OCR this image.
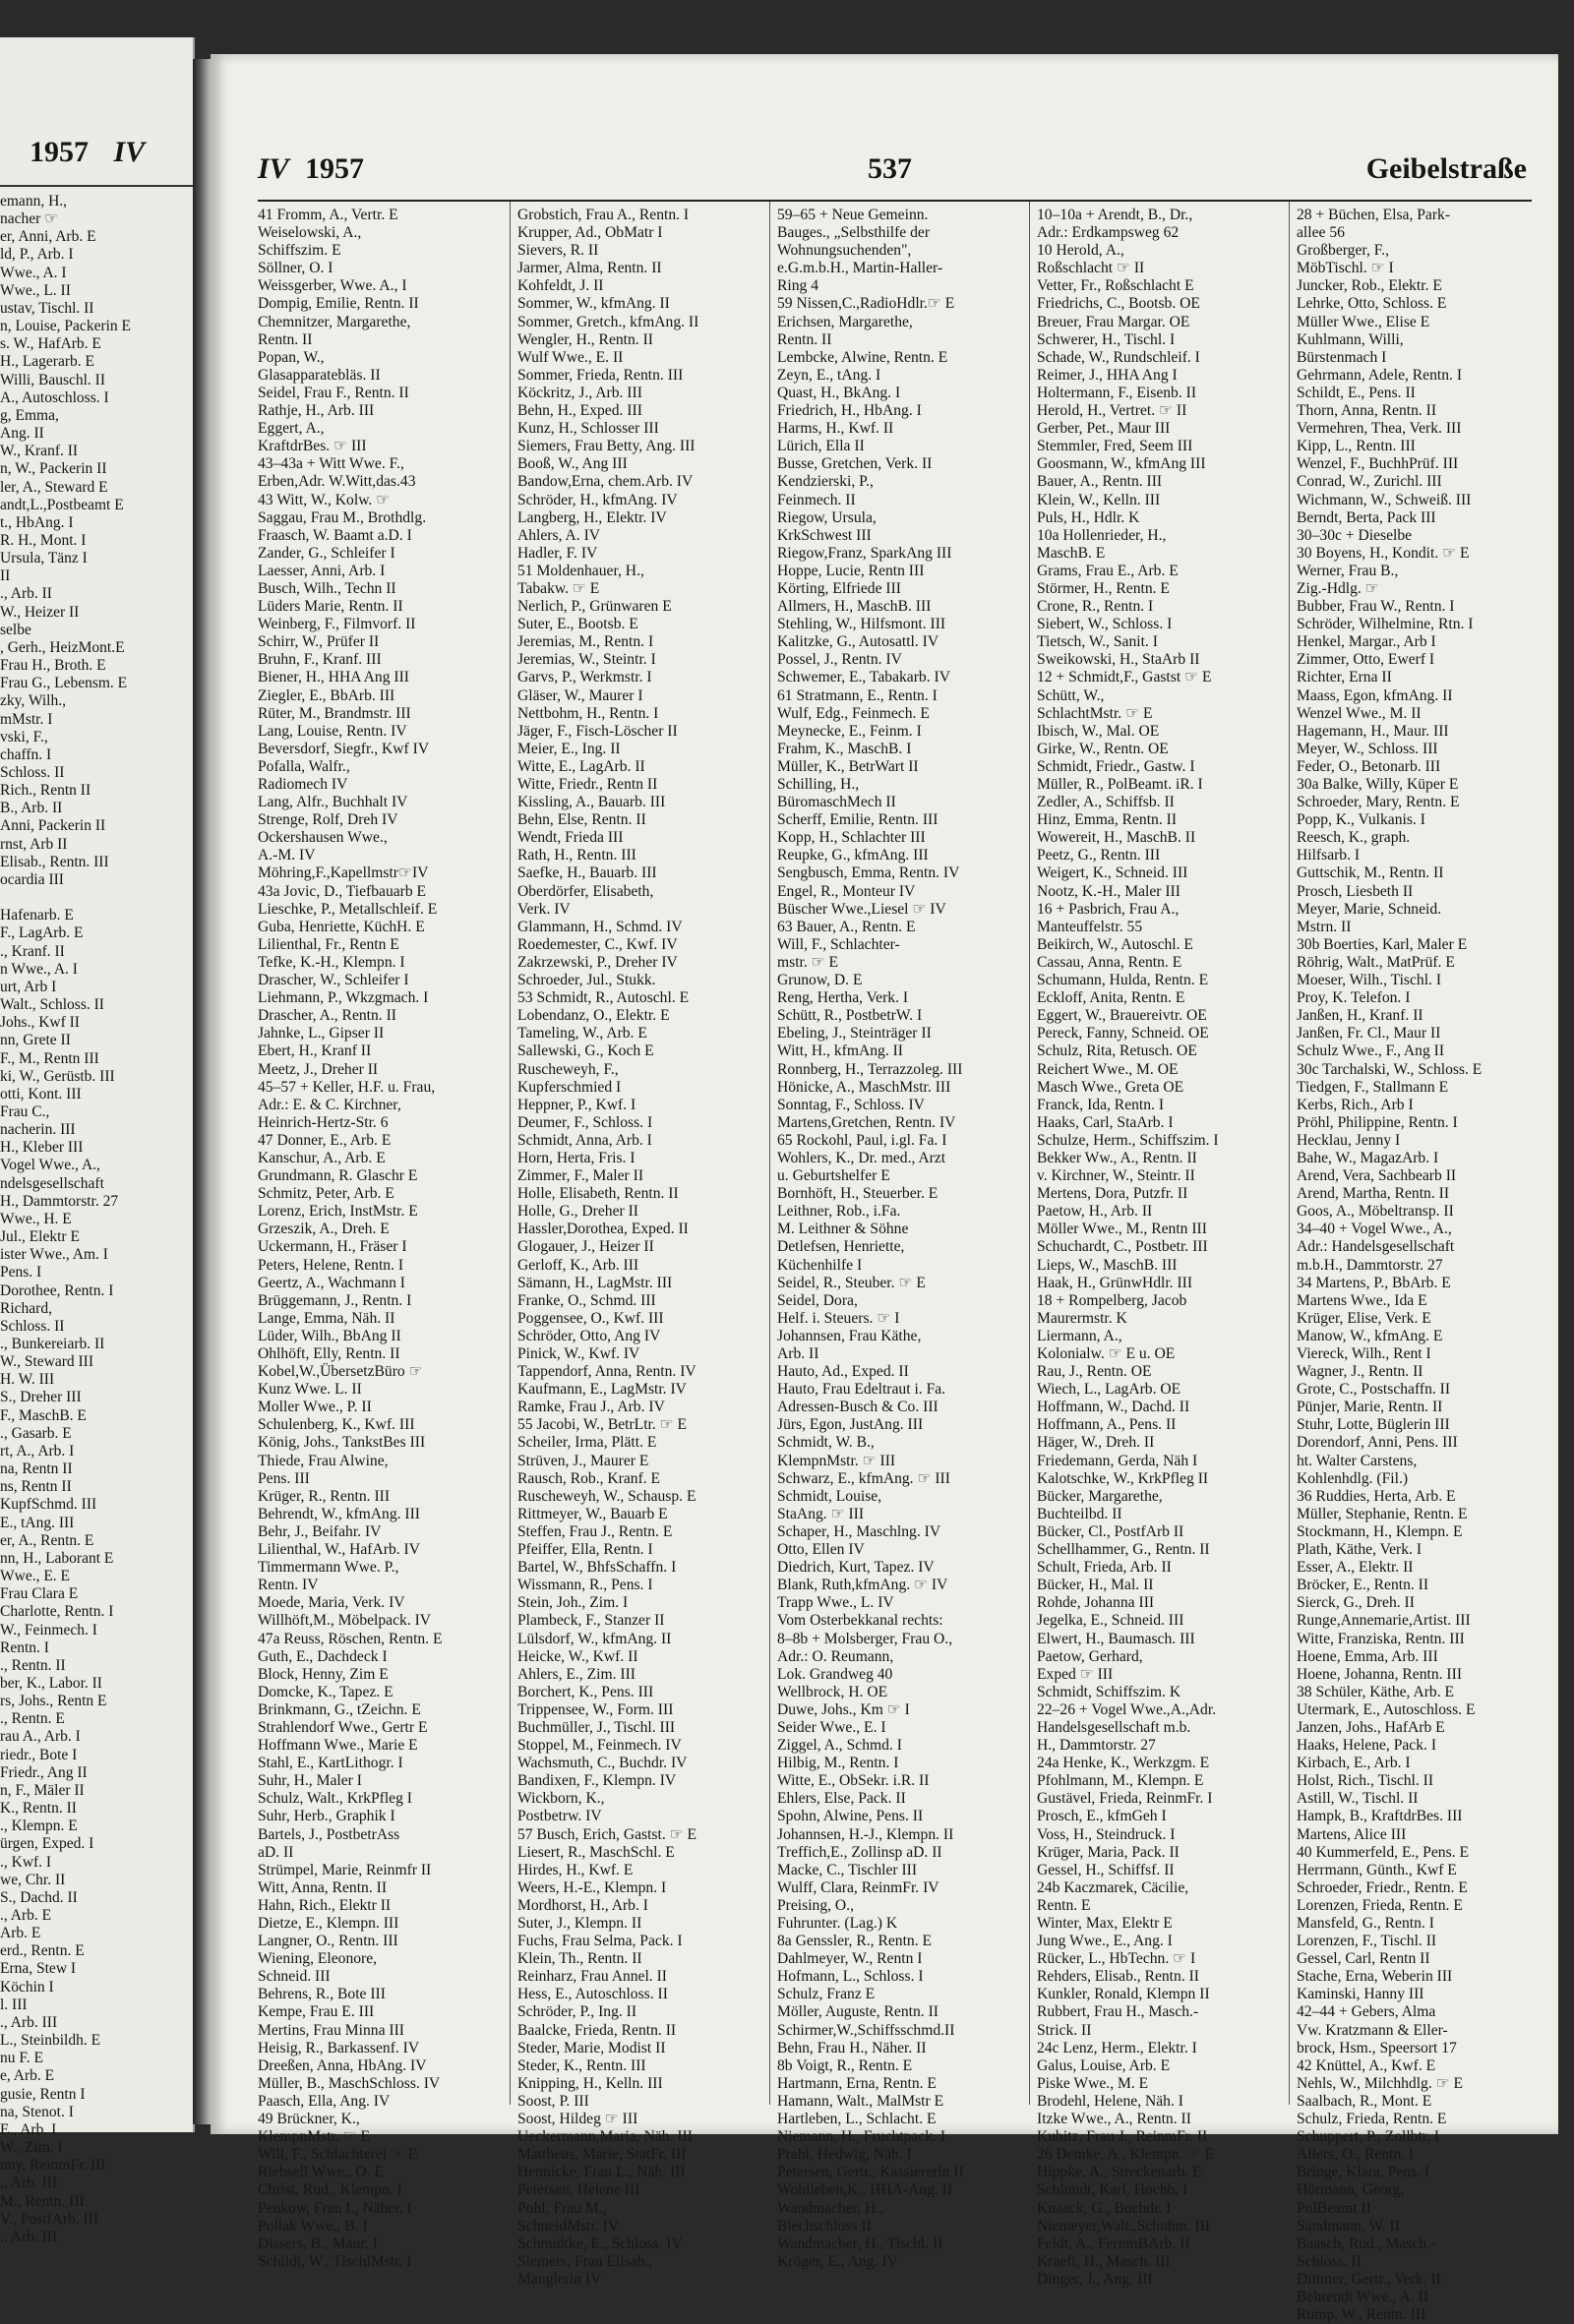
1957 IV
emann, H.,
nacher ☞
er, Anni, Arb. E
ld, P., Arb. I
Wwe., A. I
Wwe., L. II
ustav, Tischl. II
n, Louise, Packerin E
s. W., HafArb. E
H., Lagerarb. E
Willi, Bauschl. II
A., Autoschloss. I
g, Emma,
Ang. II
W., Kranf. II
n, W., Packerin II
ler, A., Steward E
andt,L.,Postbeamt E
t., HbAng. I
R. H., Mont. I
Ursula, Tänz I
II
., Arb. II
W., Heizer II
selbe
, Gerh., HeizMont.E
Frau H., Broth. E
Frau G., Lebensm. E
zky, Wilh.,
mMstr. I
vski, F.,
chaffn. I
Schloss. II
Rich., Rentn II
B., Arb. II
Anni, Packerin II
rnst, Arb II
Elisab., Rentn. III
ocardia III

Hafenarb. E
F., LagArb. E
., Kranf. II
n Wwe., A. I
urt, Arb I
Walt., Schloss. II
Johs., Kwf II
nn, Grete II
F., M., Rentn III
ki, W., Gerüstb. III
otti, Kont. III
Frau C.,
nacherin. III
H., Kleber III
Vogel Wwe., A.,
ndelsgesellschaft
H., Dammtorstr. 27
Wwe., H. E
Jul., Elektr E
ister Wwe., Am. I
Pens. I
Dorothee, Rentn. I
Richard,
Schloss. II
., Bunkereiarb. II
W., Steward III
H. W. III
S., Dreher III
F., MaschB. E
., Gasarb. E
rt, A., Arb. I
na, Rentn II
ns, Rentn II
KupfSchmd. III
E., tAng. III
er, A., Rentn. E
nn, H., Laborant E
Wwe., E. E
Frau Clara E
Charlotte, Rentn. I
W., Feinmech. I
Rentn. I
., Rentn. II
ber, K., Labor. II
rs, Johs., Rentn E
., Rentn. E
rau A., Arb. I
riedr., Bote I
Friedr., Ang II
n, F., Mäler II
K., Rentn. II
., Klempn. E
ürgen, Exped. I
., Kwf. I
we, Chr. II
S., Dachd. II
., Arb. E
Arb. E
erd., Rentn. E
Erna, Stew I
Köchin I
l. III
., Arb. III
L., Steinbildh. E
nu F. E
e, Arb. E
gusie, Rentn I
na, Stenot. I
E., Arb. I
W., Zim. I
nny, ReinmFr. III
., Arb. III
M., Rentn. III
V., PostfArb. III
., Arb. III
IV 1957	537	Geibelstraße
41 Fromm, A., Vertr. E
Weiselowski, A.,
Schiffszim. E
Söllner, O. I
Weissgerber, Wwe. A., I
Dompig, Emilie, Rentn. II
Chemnitzer, Margarethe,
Rentn. II
Popan, W.,
Glasapparatebläs. II
Seidel, Frau F., Rentn. II
Rathje, H., Arb. III
Eggert, A.,
KraftdrBes. ☞ III
43–43a + Witt Wwe. F.,
Erben,Adr. W.Witt,das.43
43 Witt, W., Kolw. ☞
Saggau, Frau M., Brothdlg.
Fraasch, W. Baamt a.D. I
Zander, G., Schleifer I
Laesser, Anni, Arb. I
Busch, Wilh., Techn II
Lüders Marie, Rentn. II
Weinberg, F., Filmvorf. II
Schirr, W., Prüfer II
Bruhn, F., Kranf. III
Biener, H., HHA Ang III
Ziegler, E., BbArb. III
Rüter, M., Brandmstr. III
Lang, Louise, Rentn. IV
Beversdorf, Siegfr., Kwf IV
Pofalla, Walfr.,
Radiomech IV
Lang, Alfr., Buchhalt IV
Strenge, Rolf, Dreh IV
Ockershausen Wwe.,
A.-M. IV
Möhring,F.,Kapellmstr☞IV
43a Jovic, D., Tiefbauarb E
Lieschke, P., Metallschleif. E
Guba, Henriette, KüchH. E
Lilienthal, Fr., Rentn E
Tefke, K.-H., Klempn. I
Drascher, W., Schleifer I
Liehmann, P., Wkzgmach. I
Drascher, A., Rentn. II
Jahnke, L., Gipser II
Ebert, H., Kranf II
Meetz, J., Dreher II
45–57 + Keller, H.F. u. Frau,
Adr.: E. & C. Kirchner,
Heinrich-Hertz-Str. 6
47 Donner, E., Arb. E
Kanschur, A., Arb. E
Grundmann, R. Glaschr E
Schmitz, Peter, Arb. E
Lorenz, Erich, InstMstr. E
Grzeszik, A., Dreh. E
Uckermann, H., Fräser I
Peters, Helene, Rentn. I
Geertz, A., Wachmann I
Brüggemann, J., Rentn. I
Lange, Emma, Näh. II
Lüder, Wilh., BbAng II
Ohlhöft, Elly, Rentn. II
Kobel,W.,ÜbersetzBüro ☞
Kunz Wwe. L. II
Moller Wwe., P. II
Schulenberg, K., Kwf. III
König, Johs., TankstBes III
Thiede, Frau Alwine,
Pens. III
Krüger, R., Rentn. III
Behrendt, W., kfmAng. III
Behr, J., Beifahr. IV
Lilienthal, W., HafArb. IV
Timmermann Wwe. P.,
Rentn. IV
Moede, Maria, Verk. IV
Willhöft,M., Möbelpack. IV
47a Reuss, Röschen, Rentn. E
Guth, E., Dachdeck I
Block, Henny, Zim E
Domcke, K., Tapez. E
Brinkmann, G., tZeichn. E
Strahlendorf Wwe., Gertr E
Hoffmann Wwe., Marie E
Stahl, E., KartLithogr. I
Suhr, H., Maler I
Schulz, Walt., KrkPfleg I
Suhr, Herb., Graphik I
Bartels, J., PostbetrAss
aD. II
Strümpel, Marie, Reinmfr II
Witt, Anna, Rentn. II
Hahn, Rich., Elektr II
Dietze, E., Klempn. III
Langner, O., Rentn. III
Wiening, Eleonore,
Schneid. III
Behrens, R., Bote III
Kempe, Frau E. III
Mertins, Frau Minna III
Heisig, R., Barkassenf. IV
Dreeßen, Anna, HbAng. IV
Müller, B., MaschSchloss. IV
Paasch, Ella, Ang. IV
49 Brückner, K.,
KlempnMstr. ☞ E
Will, F., Schlachterei ☞ E
Riebsell Wwe., O. E
Christ, Rud., Klempn. I
Penkow, Frau I., Näher. I
Pollak Wwe., B. I
Dissers, B., Maur. I
Schildt, W., TischlMstr. I
Grobstich, Frau A., Rentn. I
Krupper, Ad., ObMatr I
Sievers, R. II
Jarmer, Alma, Rentn. II
Kohfeldt, J. II
Sommer, W., kfmAng. II
Sommer, Gretch., kfmAng. II
Wengler, H., Rentn. II
Wulf Wwe., E. II
Sommer, Frieda, Rentn. III
Köckritz, J., Arb. III
Behn, H., Exped. III
Kunz, H., Schlosser III
Siemers, Frau Betty, Ang. III
Booß, W., Ang III
Bandow,Erna, chem.Arb. IV
Schröder, H., kfmAng. IV
Langberg, H., Elektr. IV
Ahlers, A. IV
Hadler, F. IV
51 Moldenhauer, H.,
Tabakw. ☞ E
Nerlich, P., Grünwaren E
Suter, E., Bootsb. E
Jeremias, M., Rentn. I
Jeremias, W., Steintr. I
Garvs, P., Werkmstr. I
Gläser, W., Maurer I
Nettbohm, H., Rentn. I
Jäger, F., Fisch-Löscher II
Meier, E., Ing. II
Witte, E., LagArb. II
Witte, Friedr., Rentn II
Kissling, A., Bauarb. III
Behn, Else, Rentn. II
Wendt, Frieda III
Rath, H., Rentn. III
Saefke, H., Bauarb. III
Oberdörfer, Elisabeth,
Verk. IV
Glammann, H., Schmd. IV
Roedemester, C., Kwf. IV
Zakrzewski, P., Dreher IV
Schroeder, Jul., Stukk.
53 Schmidt, R., Autoschl. E
Lobendanz, O., Elektr. E
Tameling, W., Arb. E
Sallewski, G., Koch E
Ruscheweyh, F.,
Kupferschmied I
Heppner, P., Kwf. I
Deumer, F., Schloss. I
Schmidt, Anna, Arb. I
Horn, Herta, Fris. I
Zimmer, F., Maler II
Holle, Elisabeth, Rentn. II
Holle, G., Dreher II
Hassler,Dorothea, Exped. II
Glogauer, J., Heizer II
Gerloff, K., Arb. III
Sämann, H., LagMstr. III
Franke, O., Schmd. III
Poggensee, O., Kwf. III
Schröder, Otto, Ang IV
Pinick, W., Kwf. IV
Tappendorf, Anna, Rentn. IV
Kaufmann, E., LagMstr. IV
Ramke, Frau J., Arb. IV
55 Jacobi, W., BetrLtr. ☞ E
Scheiler, Irma, Plätt. E
Strüven, J., Maurer E
Rausch, Rob., Kranf. E
Ruscheweyh, W., Schausp. E
Rittmeyer, W., Bauarb E
Steffen, Frau J., Rentn. E
Pfeiffer, Ella, Rentn. I
Bartel, W., BhfsSchaffn. I
Wissmann, R., Pens. I
Stein, Joh., Zim. I
Plambeck, F., Stanzer II
Lülsdorf, W., kfmAng. II
Heicke, W., Kwf. II
Ahlers, E., Zim. III
Borchert, K., Pens. III
Trippensee, W., Form. III
Buchmüller, J., Tischl. III
Stoppel, M., Feinmech. IV
Wachsmuth, C., Buchdr. IV
Bandixen, F., Klempn. IV
Wickborn, K.,
Postbetrw. IV
57 Busch, Erich, Gastst. ☞ E
Liesert, R., MaschSchl. E
Hirdes, H., Kwf. E
Weers, H.-E., Klempn. I
Mordhorst, H., Arb. I
Suter, J., Klempn. II
Fuchs, Frau Selma, Pack. I
Klein, Th., Rentn. II
Reinharz, Frau Annel. II
Hess, E., Autoschloss. II
Schröder, P., Ing. II
Baalcke, Frieda, Rentn. II
Steder, Marie, Modist II
Steder, K., Rentn. III
Knipping, H., Kelln. III
Soost, P. III
Soost, Hildeg ☞ III
Ueckermann,Maria, Näh. III
Mattheus, Marie, StatFr. III
Hennicke, Frau L., Näh. III
Petersen, Helene III
Pohl, Frau M.,
SchneidMstr. IV
Schmidtke, E., Schloss. IV
Siemers, Frau Elisab.,
Manglerin IV
59–65 + Neue Gemeinn.
Bauges., „Selbsthilfe der
Wohnungsuchenden",
e.G.m.b.H., Martin-Haller-
Ring 4
59 Nissen,C.,RadioHdlr.☞ E
Erichsen, Margarethe,
Rentn. II
Lembcke, Alwine, Rentn. E
Zeyn, E., tAng. I
Quast, H., BkAng. I
Friedrich, H., HbAng. I
Harms, H., Kwf. II
Lürich, Ella II
Busse, Gretchen, Verk. II
Kendzierski, P.,
Feinmech. II
Riegow, Ursula,
KrkSchwest III
Riegow,Franz, SparkAng III
Hoppe, Lucie, Rentn III
Körting, Elfriede III
Allmers, H., MaschB. III
Stehling, W., Hilfsmont. III
Kalitzke, G., Autosattl. IV
Possel, J., Rentn. IV
Schwemer, E., Tabakarb. IV
61 Stratmann, E., Rentn. I
Wulf, Edg., Feinmech. E
Meynecke, E., Feinm. I
Frahm, K., MaschB. I
Müller, K., BetrWart II
Schilling, H.,
BüromaschMech II
Scherff, Emilie, Rentn. III
Kopp, H., Schlachter III
Reupke, G., kfmAng. III
Sengbusch, Emma, Rentn. IV
Engel, R., Monteur IV
Büscher Wwe.,Liesel ☞ IV
63 Bauer, A., Rentn. E
Will, F., Schlachter-
mstr. ☞ E
Grunow, D. E
Reng, Hertha, Verk. I
Schütt, R., PostbetrW. I
Ebeling, J., Steinträger II
Witt, H., kfmAng. II
Ronnberg, H., Terrazzoleg. III
Hönicke, A., MaschMstr. III
Sonntag, F., Schloss. IV
Martens,Gretchen, Rentn. IV
65 Rockohl, Paul, i.gl. Fa. I
Wohlers, K., Dr. med., Arzt
u. Geburtshelfer E
Bornhöft, H., Steuerber. E
Leithner, Rob., i.Fa.
M. Leithner & Söhne
Detlefsen, Henriette,
Küchenhilfe I
Seidel, R., Steuber. ☞ E
Seidel, Dora,
Helf. i. Steuers. ☞ I
Johannsen, Frau Käthe,
Arb. II
Hauto, Ad., Exped. II
Hauto, Frau Edeltraut i. Fa.
Adressen-Busch & Co. III
Jürs, Egon, JustAng. III
Schmidt, W. B.,
KlempnMstr. ☞ III
Schwarz, E., kfmAng. ☞ III
Schmidt, Louise,
StaAng. ☞ III
Schaper, H., Maschlng. IV
Otto, Ellen IV
Diedrich, Kurt, Tapez. IV
Blank, Ruth,kfmAng. ☞ IV
Trapp Wwe., L. IV
Vom Osterbekkanal rechts:
8–8b + Molsberger, Frau O.,
Adr.: O. Reumann,
Lok. Grandweg 40
Wellbrock, H. OE
Duwe, Johs., Km ☞ I
Seider Wwe., E. I
Ziggel, A., Schmd. I
Hilbig, M., Rentn. I
Witte, E., ObSekr. i.R. II
Ehlers, Else, Pack. II
Spohn, Alwine, Pens. II
Johannsen, H.-J., Klempn. II
Treffich,E., Zollinsp aD. II
Macke, C., Tischler III
Wulff, Clara, ReinmFr. IV
Preising, O.,
Fuhrunter. (Lag.) K
8a Genssler, R., Rentn. E
Dahlmeyer, W., Rentn I
Hofmann, L., Schloss. I
Schulz, Franz E
Möller, Auguste, Rentn. II
Schirmer,W.,Schiffsschmd.II
Behn, Frau H., Näher. II
8b Voigt, R., Rentn. E
Hartmann, Erna, Rentn. E
Hamann, Walt., MalMstr E
Hartleben, L., Schlacht. E
Niemann, H., Fruchtpack. I
Prahl, Hedwig, Näh. I
Petersen, Gertr., Kassiererin II
Wohlleben,K., HHA-Ang. II
Wandmacher, H.,
Blechschloss II
Wandmacher, H., Tischl. II
Kröger, E., Ang. IV
10–10a + Arendt, B., Dr.,
Adr.: Erdkampsweg 62
10 Herold, A.,
Roßschlacht ☞ II
Vetter, Fr., Roßschlacht E
Friedrichs, C., Bootsb. OE
Breuer, Frau Margar. OE
Schwerer, H., Tischl. I
Schade, W., Rundschleif. I
Reimer, J., HHA Ang I
Holtermann, F., Eisenb. II
Herold, H., Vertret. ☞ II
Gerber, Pet., Maur III
Stemmler, Fred, Seem III
Goosmann, W., kfmAng III
Bauer, A., Rentn. III
Klein, W., Kelln. III
Puls, H., Hdlr. K
10a Hollenrieder, H.,
MaschB. E
Grams, Frau E., Arb. E
Störmer, H., Rentn. E
Crone, R., Rentn. I
Siebert, W., Schloss. I
Tietsch, W., Sanit. I
Sweikowski, H., StaArb II
12 + Schmidt,F., Gastst ☞ E
Schütt, W.,
SchlachtMstr. ☞ E
Ibisch, W., Mal. OE
Girke, W., Rentn. OE
Schmidt, Friedr., Gastw. I
Müller, R., PolBeamt. iR. I
Zedler, A., Schiffsb. II
Hinz, Emma, Rentn. II
Wowereit, H., MaschB. II
Peetz, G., Rentn. III
Weigert, K., Schneid. III
Nootz, K.-H., Maler III
16 + Pasbrich, Frau A.,
Manteuffelstr. 55
Beikirch, W., Autoschl. E
Cassau, Anna, Rentn. E
Schumann, Hulda, Rentn. E
Eckloff, Anita, Rentn. E
Eggert, W., Brauereivtr. OE
Pereck, Fanny, Schneid. OE
Schulz, Rita, Retusch. OE
Reichert Wwe., M. OE
Masch Wwe., Greta OE
Franck, Ida, Rentn. I
Haaks, Carl, StaArb. I
Schulze, Herm., Schiffszim. I
Bekker Ww., A., Rentn. II
v. Kirchner, W., Steintr. II
Mertens, Dora, Putzfr. II
Paetow, H., Arb. II
Möller Wwe., M., Rentn III
Schuchardt, C., Postbetr. III
Lieps, W., MaschB. III
Haak, H., GrünwHdlr. III
18 + Rompelberg, Jacob
Maurermstr. K
Liermann, A.,
Kolonialw. ☞ E u. OE
Rau, J., Rentn. OE
Wiech, L., LagArb. OE
Hoffmann, W., Dachd. II
Hoffmann, A., Pens. II
Häger, W., Dreh. II
Friedemann, Gerda, Näh I
Kalotschke, W., KrkPfleg II
Bücker, Margarethe,
Buchteilbd. II
Bücker, Cl., PostfArb II
Schellhammer, G., Rentn. II
Schult, Frieda, Arb. II
Bücker, H., Mal. II
Rohde, Johanna III
Jegelka, E., Schneid. III
Elwert, H., Baumasch. III
Paetow, Gerhard,
Exped ☞ III
Schmidt, Schiffszim. K
22–26 + Vogel Wwe.,A.,Adr.
Handelsgesellschaft m.b.
H., Dammtorstr. 27
24a Henke, K., Werkzgm. E
Pfohlmann, M., Klempn. E
Gustävel, Frieda, ReinmFr. I
Prosch, E., kfmGeh I
Voss, H., Steindruck. I
Krüger, Maria, Pack. II
Gessel, H., Schiffsf. II
24b Kaczmarek, Cäcilie,
Rentn. E
Winter, Max, Elektr E
Jung Wwe., E., Ang. I
Rücker, L., HbTechn. ☞ I
Rehders, Elisab., Rentn. II
Kunkler, Ronald, Klempn II
Rubbert, Frau H., Masch.-
Strick. II
24c Lenz, Herm., Elektr. I
Galus, Louise, Arb. E
Piske Wwe., M. E
Brodehl, Helene, Näh. I
Itzke Wwe., A., Rentn. II
Kubitz, Frau J., ReinmFr. II
26 Demke, A., Klempn. ☞ E
Hippke, A., Streckenarb. E
Schlundt, Karl, Hochb. I
Knaack, G., Buchdr. I
Niemeyer,Walt.,Schuhm. III
Feldt, A., FernmBArb. II
Kraeft, H., Masch. III
Dinger, J., Ang. III
28 + Büchen, Elsa, Park-
allee 56
Großberger, F.,
MöbTischl. ☞ I
Juncker, Rob., Elektr. E
Lehrke, Otto, Schloss. E
Müller Wwe., Elise E
Kuhlmann, Willi,
Bürstenmach I
Gehrmann, Adele, Rentn. I
Schildt, E., Pens. II
Thorn, Anna, Rentn. II
Vermehren, Thea, Verk. III
Kipp, L., Rentn. III
Wenzel, F., BuchhPrüf. III
Conrad, W., Zurichl. III
Wichmann, W., Schweiß. III
Berndt, Berta, Pack III
30–30c + Dieselbe
30 Boyens, H., Kondit. ☞ E
Werner, Frau B.,
Zig.-Hdlg. ☞
Bubber, Frau W., Rentn. I
Schröder, Wilhelmine, Rtn. I
Henkel, Margar., Arb I
Zimmer, Otto, Ewerf I
Richter, Erna II
Maass, Egon, kfmAng. II
Wenzel Wwe., M. II
Hagemann, H., Maur. III
Meyer, W., Schloss. III
Feder, O., Betonarb. III
30a Balke, Willy, Küper E
Schroeder, Mary, Rentn. E
Popp, K., Vulkanis. I
Reesch, K., graph.
Hilfsarb. I
Guttschik, M., Rentn. II
Prosch, Liesbeth II
Meyer, Marie, Schneid.
Mstrn. II
30b Boerties, Karl, Maler E
Röhrig, Walt., MatPrüf. E
Moeser, Wilh., Tischl. I
Proy, K. Telefon. I
Janßen, H., Kranf. II
Janßen, Fr. Cl., Maur II
Schulz Wwe., F., Ang II
30c Tarchalski, W., Schloss. E
Tiedgen, F., Stallmann E
Kerbs, Rich., Arb I
Pröhl, Philippine, Rentn. I
Hecklau, Jenny I
Bahe, W., MagazArb. I
Arend, Vera, Sachbearb II
Arend, Martha, Rentn. II
Goos, A., Möbeltransp. II
34–40 + Vogel Wwe., A.,
Adr.: Handelsgesellschaft
m.b.H., Dammtorstr. 27
34 Martens, P., BbArb. E
Martens Wwe., Ida E
Krüger, Elise, Verk. E
Manow, W., kfmAng. E
Viereck, Wilh., Rent I
Wagner, J., Rentn. II
Grote, C., Postschaffn. II
Pünjer, Marie, Rentn. II
Stuhr, Lotte, Büglerin III
Dorendorf, Anni, Pens. III
ht. Walter Carstens,
Kohlenhdlg. (Fil.)
36 Ruddies, Herta, Arb. E
Müller, Stephanie, Rentn. E
Stockmann, H., Klempn. E
Plath, Käthe, Verk. I
Esser, A., Elektr. II
Bröcker, E., Rentn. II
Sierck, G., Dreh. II
Runge,Annemarie,Artist. III
Witte, Franziska, Rentn. III
Hoene, Emma, Arb. III
Hoene, Johanna, Rentn. III
38 Schüler, Käthe, Arb. E
Utermark, E., Autoschloss. E
Janzen, Johs., HafArb E
Haaks, Helene, Pack. I
Kirbach, E., Arb. I
Holst, Rich., Tischl. II
Astill, W., Tischl. II
Hampk, B., KraftdrBes. III
Martens, Alice III
40 Kummerfeld, E., Pens. E
Herrmann, Günth., Kwf E
Schroeder, Friedr., Rentn. E
Lorenzen, Frieda, Rentn. E
Mansfeld, G., Rentn. I
Lorenzen, F., Tischl. II
Gessel, Carl, Rentn II
Stache, Erna, Weberin III
Kaminski, Hanny III
42–44 + Gebers, Alma
Vw. Kratzmann & Eller-
brock, Hsm., Speersort 17
42 Knüttel, A., Kwf. E
Nehls, W., Milchhdlg. ☞ E
Saalbach, R., Mont. E
Schulz, Frieda, Rentn. E
Schuppert, P., Zollbtr. I
Allers, O., Rentn. I
Bringe, Klara, Pens. I
Hörmann, Georg,
PolBeamt II
Sandmann, W. II
Baasch, Rud., Masch.-
Schloss. II
Dittmer, Gertr., Verk. II
Behrendt Wwe., A. II
Rump, W., Rentn. III
